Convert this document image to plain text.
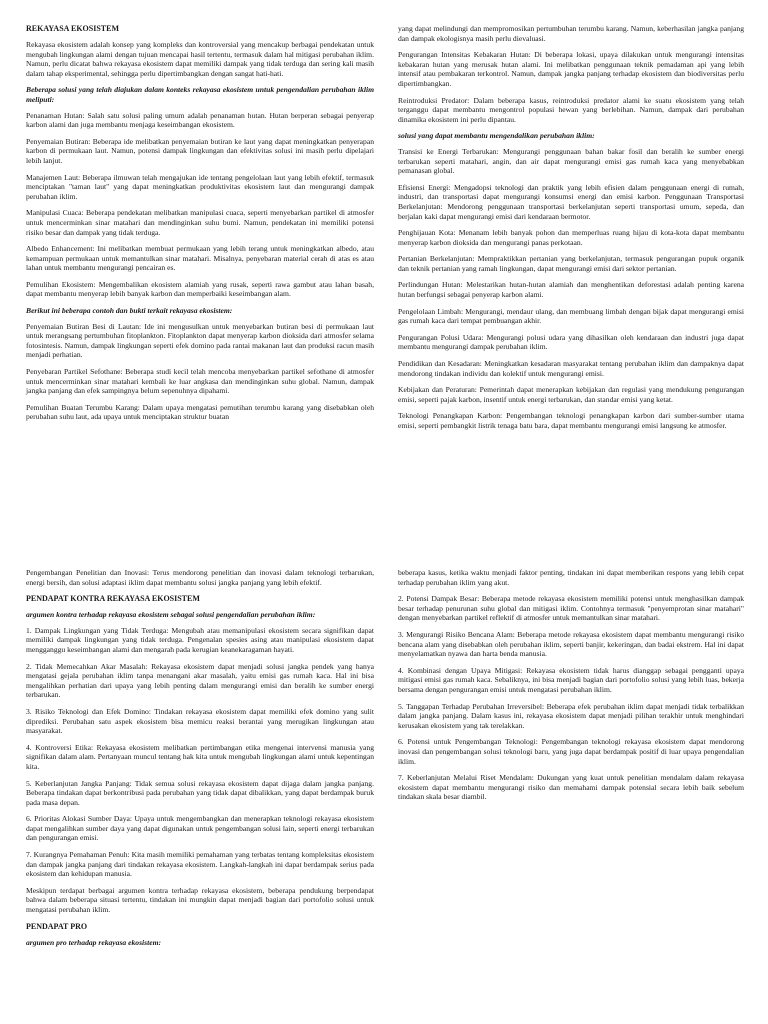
REKAYASA EKOSISTEM

Rekayasa ekosistem adalah konsep yang kompleks dan kontroversial yang mencakup berbagai pendekatan untuk mengubah lingkungan alami dengan tujuan mencapai hasil tertentu, termasuk dalam hal mitigasi perubahan iklim. Namun, perlu dicatat bahwa rekayasa ekosistem dapat memiliki dampak yang tidak terduga dan sering kali masih dalam tahap eksperimental, sehingga perlu dipertimbangkan dengan sangat hati-hati.

Beberapa solusi yang telah diajukan dalam konteks rekayasa ekosistem untuk pengendalian perubahan iklim meliputi:

Penanaman Hutan: Salah satu solusi paling umum adalah penanaman hutan. Hutan berperan sebagai penyerap karbon alami dan juga membantu menjaga keseimbangan ekosistem.

Penyemaian Butiran: Beberapa ide melibatkan penyemaian butiran ke laut yang dapat meningkatkan penyerapan karbon di permukaan laut. Namun, potensi dampak lingkungan dan efektivitas solusi ini masih perlu dipelajari lebih lanjut.

Manajemen Laut: Beberapa ilmuwan telah mengajukan ide tentang pengelolaan laut yang lebih efektif, termasuk menciptakan "taman laut" yang dapat meningkatkan produktivitas ekosistem laut dan mengurangi dampak perubahan iklim.

Manipulasi Cuaca: Beberapa pendekatan melibatkan manipulasi cuaca, seperti menyebarkan partikel di atmosfer untuk mencerminkan sinar matahari dan mendinginkan suhu bumi. Namun, pendekatan ini memiliki potensi risiko besar dan dampak yang tidak terduga.

Albedo Enhancement: Ini melibatkan membuat permukaan yang lebih terang untuk meningkatkan albedo, atau kemampuan permukaan untuk memantulkan sinar matahari. Misalnya, penyebaran material cerah di atas es atau lahan untuk membantu mengurangi pencairan es.

Pemulihan Ekosistem: Mengembalikan ekosistem alamiah yang rusak, seperti rawa gambut atau lahan basah, dapat membantu menyerap lebih banyak karbon dan memperbaiki keseimbangan alam.

Berikut ini beberapa contoh dan bukti terkait rekayasa ekosistem:

Penyemaian Butiran Besi di Lautan: Ide ini mengusulkan untuk menyebarkan butiran besi di permukaan laut untuk merangsang pertumbuhan fitoplankton. Fitoplankton dapat menyerap karbon dioksida dari atmosfer selama fotosintesis. Namun, dampak lingkungan seperti efek domino pada rantai makanan laut dan produksi racun masih menjadi perhatian.

Penyebaran Partikel Sefothane: Beberapa studi kecil telah mencoba menyebarkan partikel sefothane di atmosfer untuk mencerminkan sinar matahari kembali ke luar angkasa dan mendinginkan suhu global. Namun, dampak jangka panjang dan efek sampingnya belum sepenuhnya dipahami.

Pemulihan Buatan Terumbu Karang: Dalam upaya mengatasi pemutihan terumbu karang yang disebabkan oleh perubahan suhu laut, ada upaya untuk menciptakan struktur buatan

yang dapat melindungi dan mempromosikan pertumbuhan terumbu karang. Namun, keberhasilan jangka panjang dan dampak ekologisnya masih perlu dievaluasi.

Pengurangan Intensitas Kebakaran Hutan: Di beberapa lokasi, upaya dilakukan untuk mengurangi intensitas kebakaran hutan yang merusak hutan alami. Ini melibatkan penggunaan teknik pemadaman api yang lebih intensif atau pembakaran terkontrol. Namun, dampak jangka panjang terhadap ekosistem dan biodiversitas perlu dipertimbangkan.

Reintroduksi Predator: Dalam beberapa kasus, reintroduksi predator alami ke suatu ekosistem yang telah terganggu dapat membantu mengontrol populasi hewan yang berlebihan. Namun, dampak dari perubahan dinamika ekosistem ini perlu dipantau.

solusi yang dapat membantu mengendalikan perubahan iklim:

Transisi ke Energi Terbarukan: Mengurangi penggunaan bahan bakar fosil dan beralih ke sumber energi terbarukan seperti matahari, angin, dan air dapat mengurangi emisi gas rumah kaca yang menyebabkan pemanasan global.

Efisiensi Energi: Mengadopsi teknologi dan praktik yang lebih efisien dalam penggunaan energi di rumah, industri, dan transportasi dapat mengurangi konsumsi energi dan emisi karbon. Penggunaan Transportasi Berkelanjutan: Mendorong penggunaan transportasi berkelanjutan seperti transportasi umum, sepeda, dan berjalan kaki dapat mengurangi emisi dari kendaraan bermotor.

Penghijauan Kota: Menanam lebih banyak pohon dan memperluas ruang hijau di kota-kota dapat membantu menyerap karbon dioksida dan mengurangi panas perkotaan.

Pertanian Berkelanjutan: Mempraktikkan pertanian yang berkelanjutan, termasuk pengurangan pupuk organik dan teknik pertanian yang ramah lingkungan, dapat mengurangi emisi dari sektor pertanian.

Perlindungan Hutan: Melestarikan hutan-hutan alamiah dan menghentikan deforestasi adalah penting karena hutan berfungsi sebagai penyerap karbon alami.

Pengelolaan Limbah: Mengurangi, mendaur ulang, dan membuang limbah dengan bijak dapat mengurangi emisi gas rumah kaca dari tempat pembuangan akhir.

Pengurangan Polusi Udara: Mengurangi polusi udara yang dihasilkan oleh kendaraan dan industri juga dapat membantu mengurangi dampak perubahan iklim.

Pendidikan dan Kesadaran: Meningkatkan kesadaran masyarakat tentang perubahan iklim dan dampaknya dapat mendorong tindakan individu dan kolektif untuk mengurangi emisi.

Kebijakan dan Peraturan: Pemerintah dapat menerapkan kebijakan dan regulasi yang mendukung pengurangan emisi, seperti pajak karbon, insentif untuk energi terbarukan, dan standar emisi yang ketat.

Teknologi Penangkapan Karbon: Pengembangan teknologi penangkapan karbon dari sumber-sumber utama emisi, seperti pembangkit listrik tenaga batu bara, dapat membantu mengurangi emisi langsung ke atmosfer.

Pengembangan Penelitian dan Inovasi: Terus mendorong penelitian dan inovasi dalam teknologi terbarukan, energi bersih, dan solusi adaptasi iklim dapat membantu solusi jangka panjang yang lebih efektif.

PENDAPAT KONTRA REKAYASA EKOSISTEM

argumen kontra terhadap rekayasa ekosistem sebagai solusi pengendalian perubahan iklim:

1. Dampak Lingkungan yang Tidak Terduga: Mengubah atau memanipulasi ekosistem secara signifikan dapat memiliki dampak lingkungan yang tidak terduga. Pengenalan spesies asing atau manipulasi ekosistem dapat mengganggu keseimbangan alami dan mengarah pada kerugian keanekaragaman hayati.

2. Tidak Memecahkan Akar Masalah: Rekayasa ekosistem dapat menjadi solusi jangka pendek yang hanya mengatasi gejala perubahan iklim tanpa menangani akar masalah, yaitu emisi gas rumah kaca. Hal ini bisa mengalihkan perhatian dari upaya yang lebih penting dalam mengurangi emisi dan beralih ke sumber energi terbarukan.

3. Risiko Teknologi dan Efek Domino: Tindakan rekayasa ekosistem dapat memiliki efek domino yang sulit diprediksi. Perubahan satu aspek ekosistem bisa memicu reaksi berantai yang merugikan lingkungan atau masyarakat.

4. Kontroversi Etika: Rekayasa ekosistem melibatkan pertimbangan etika mengenai intervensi manusia yang signifikan dalam alam. Pertanyaan muncul tentang hak kita untuk mengubah lingkungan alami untuk kepentingan kita.

5. Keberlanjutan Jangka Panjang: Tidak semua solusi rekayasa ekosistem dapat dijaga dalam jangka panjang. Beberapa tindakan dapat berkontribusi pada perubahan yang tidak dapat dibalikkan, yang dapat berdampak buruk pada masa depan.

6. Prioritas Alokasi Sumber Daya: Upaya untuk mengembangkan dan menerapkan teknologi rekayasa ekosistem dapat mengalihkan sumber daya yang dapat digunakan untuk pengembangan solusi lain, seperti energi terbarukan dan pengurangan emisi.

7. Kurangnya Pemahaman Penuh: Kita masih memiliki pemahaman yang terbatas tentang kompleksitas ekosistem dan dampak jangka panjang dari tindakan rekayasa ekosistem. Langkah-langkah ini dapat berdampak serius pada ekosistem dan kehidupan manusia.

Meskipun terdapat berbagai argumen kontra terhadap rekayasa ekosistem, beberapa pendukung berpendapat bahwa dalam beberapa situasi tertentu, tindakan ini mungkin dapat menjadi bagian dari portofolio solusi untuk mengatasi perubahan iklim.

PENDAPAT PRO

argumen pro terhadap rekayasa ekosistem:

beberapa kasus, ketika waktu menjadi faktor penting, tindakan ini dapat memberikan respons yang lebih cepat terhadap perubahan iklim yang akut.

2. Potensi Dampak Besar: Beberapa metode rekayasa ekosistem memiliki potensi untuk menghasilkan dampak besar terhadap penurunan suhu global dan mitigasi iklim. Contohnya termasuk "penyemprotan sinar matahari" dengan menyebarkan partikel reflektif di atmosfer untuk memantulkan sinar matahari.

3. Mengurangi Risiko Bencana Alam: Beberapa metode rekayasa ekosistem dapat membantu mengurangi risiko bencana alam yang disebabkan oleh perubahan iklim, seperti banjir, kekeringan, dan badai ekstrem. Hal ini dapat menyelamatkan nyawa dan harta benda manusia.

4. Kombinasi dengan Upaya Mitigasi: Rekayasa ekosistem tidak harus dianggap sebagai pengganti upaya mitigasi emisi gas rumah kaca. Sebaliknya, ini bisa menjadi bagian dari portofolio solusi yang lebih luas, bekerja bersama dengan pengurangan emisi untuk mengatasi perubahan iklim.

5. Tanggapan Terhadap Perubahan Irreversibel: Beberapa efek perubahan iklim dapat menjadi tidak terbalikkan dalam jangka panjang. Dalam kasus ini, rekayasa ekosistem dapat menjadi pilihan terakhir untuk menghindari kerusakan ekosistem yang tak terelakkan.

6. Potensi untuk Pengembangan Teknologi: Pengembangan teknologi rekayasa ekosistem dapat mendorong inovasi dan pengembangan solusi teknologi baru, yang juga dapat berdampak positif di luar upaya pengendalian iklim.

7. Keberlanjutan Melalui Riset Mendalam: Dukungan yang kuat untuk penelitian mendalam dalam rekayasa ekosistem dapat membantu mengurangi risiko dan memahami dampak potensial secara lebih baik sebelum tindakan skala besar diambil.
